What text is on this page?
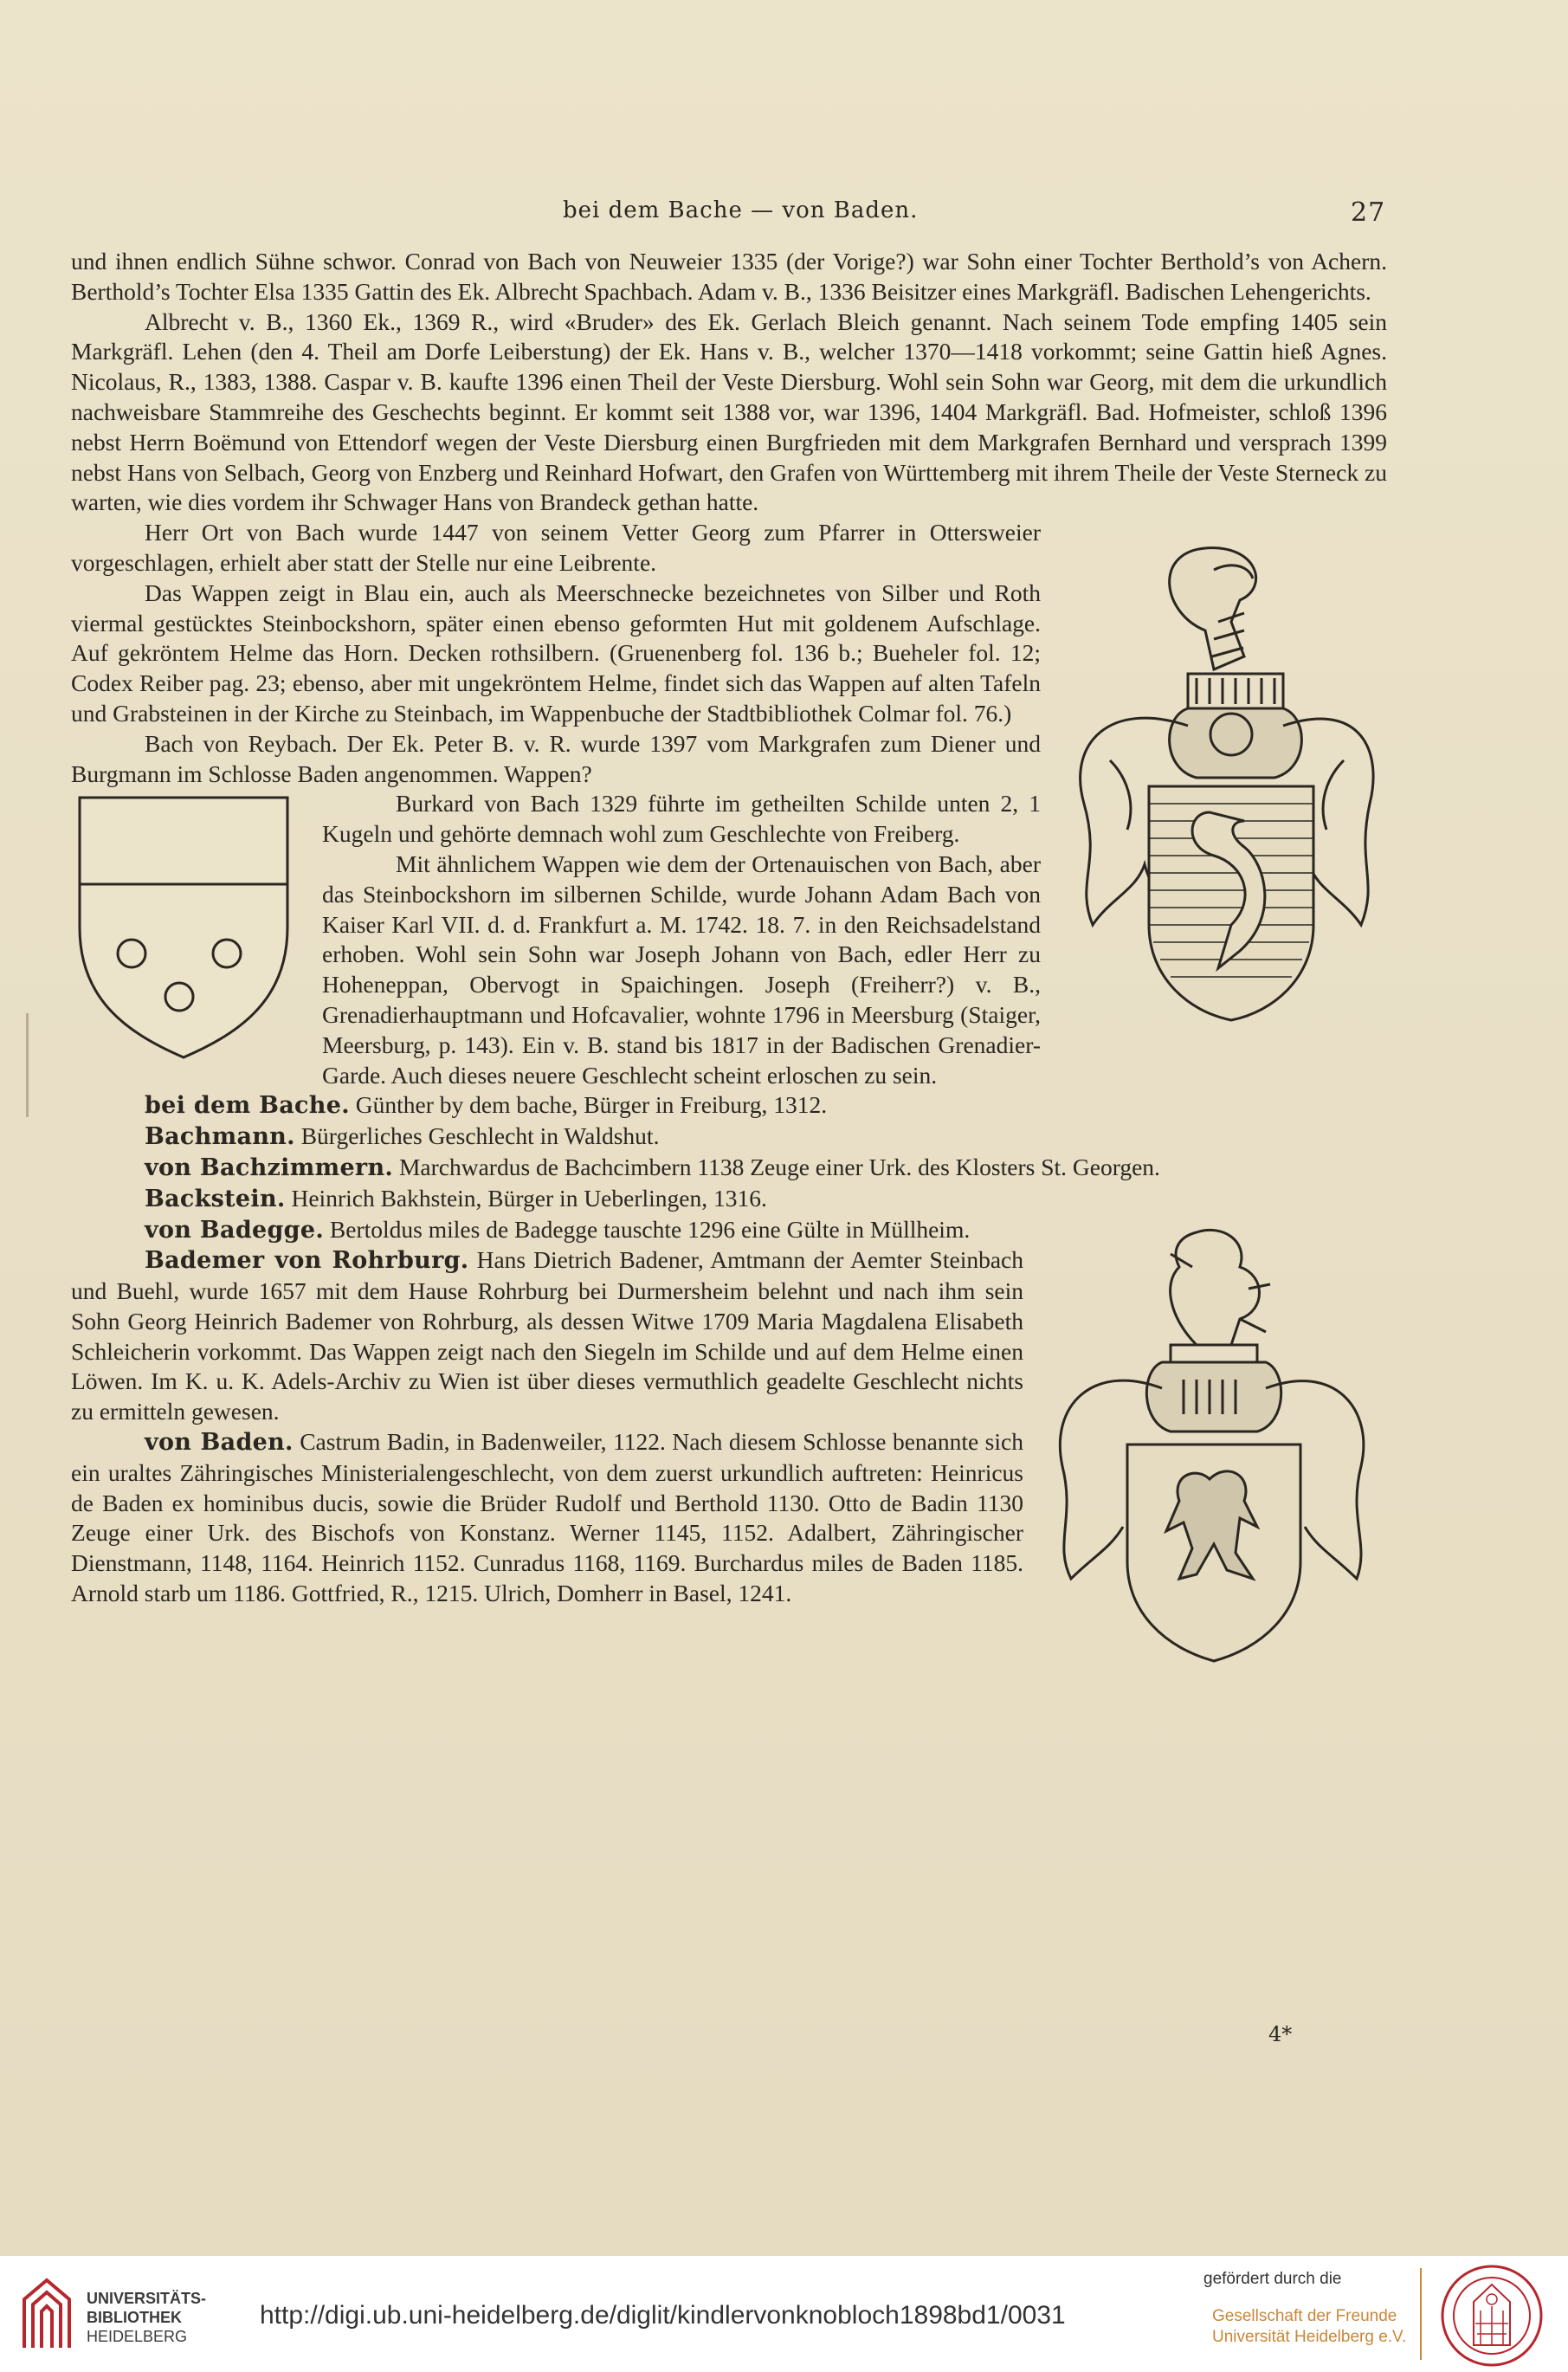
bei dem Bache — von Baden.	27

und ihnen endlich Sühne schwor. Conrad von Bach von Neuweier 1335 (der Vorige?) war Sohn einer Tochter Berthold’s von Achern. Berthold’s Tochter Elsa 1335 Gattin des Ek. Albrecht Spachbach. Adam v. B., 1336 Beisitzer eines Markgräfl. Badischen Lehengerichts.

Albrecht v. B., 1360 Ek., 1369 R., wird «Bruder» des Ek. Gerlach Bleich genannt. Nach seinem Tode empfing 1405 sein Markgräfl. Lehen (den 4. Theil am Dorfe Leiberstung) der Ek. Hans v. B., welcher 1370—1418 vorkommt; seine Gattin hieß Agnes. Nicolaus, R., 1383, 1388. Caspar v. B. kaufte 1396 einen Theil der Veste Diersburg. Wohl sein Sohn war Georg, mit dem die urkundlich nachweisbare Stammreihe des Geschechts beginnt. Er kommt seit 1388 vor, war 1396, 1404 Markgräfl. Bad. Hofmeister, schloß 1396 nebst Herrn Boëmund von Ettendorf wegen der Veste Diersburg einen Burgfrieden mit dem Markgrafen Bernhard und versprach 1399 nebst Hans von Selbach, Georg von Enzberg und Reinhard Hofwart, den Grafen von Württemberg mit ihrem Theile der Veste Sterneck zu warten, wie dies vordem ihr Schwager Hans von Brandeck gethan hatte.

Herr Ort von Bach wurde 1447 von seinem Vetter Georg zum Pfarrer in Ottersweier vorgeschlagen, erhielt aber statt der Stelle nur eine Leibrente.

Das Wappen zeigt in Blau ein, auch als Meerschnecke bezeichnetes von Silber und Roth viermal gestücktes Steinbockshorn, später einen ebenso geformten Hut mit goldenem Aufschlage. Auf gekröntem Helme das Horn. Decken rothsilbern. (Gruenenberg fol. 136 b.; Bueheler fol. 12; Codex Reiber pag. 23; ebenso, aber mit ungekröntem Helme, findet sich das Wappen auf alten Tafeln und Grabsteinen in der Kirche zu Steinbach, im Wappenbuche der Stadtbibliothek Colmar fol. 76.)

Bach von Reybach. Der Ek. Peter B. v. R. wurde 1397 vom Markgrafen zum Diener und Burgmann im Schlosse Baden angenommen. Wappen?

Burkard von Bach 1329 führte im getheilten Schilde unten 2, 1 Kugeln und gehörte demnach wohl zum Geschlechte von Freiberg.

Mit ähnlichem Wappen wie dem der Ortenauischen von Bach, aber das Steinbockshorn im silbernen Schilde, wurde Johann Adam Bach von Kaiser Karl VII. d. d. Frankfurt a. M. 1742. 18. 7. in den Reichsadelstand erhoben. Wohl sein Sohn war Joseph Johann von Bach, edler Herr zu Hoheneppan, Obervogt in Spaichingen. Joseph (Freiherr?) v. B., Grenadierhauptmann und Hofcavalier, wohnte 1796 in Meersburg (Staiger, Meersburg, p. 143). Ein v. B. stand bis 1817 in der Badischen Grenadier-Garde. Auch dieses neuere Geschlecht scheint erloschen zu sein.

bei dem Bache. Günther by dem bache, Bürger in Freiburg, 1312.

Bachmann. Bürgerliches Geschlecht in Waldshut.

von Bachzimmern. Marchwardus de Bachcimbern 1138 Zeuge einer Urk. des Klosters St. Georgen.

Backstein. Heinrich Bakhstein, Bürger in Ueberlingen, 1316.

von Badegge. Bertoldus miles de Badegge tauschte 1296 eine Gülte in Müllheim.

Bademer von Rohrburg. Hans Dietrich Badener, Amtmann der Aemter Steinbach und Buehl, wurde 1657 mit dem Hause Rohrburg bei Durmersheim belehnt und nach ihm sein Sohn Georg Heinrich Bademer von Rohrburg, als dessen Witwe 1709 Maria Magdalena Elisabeth Schleicherin vorkommt. Das Wappen zeigt nach den Siegeln im Schilde und auf dem Helme einen Löwen. Im K. u. K. Adels-Archiv zu Wien ist über dieses vermuthlich geadelte Geschlecht nichts zu ermitteln gewesen.

von Baden. Castrum Badin, in Badenweiler, 1122. Nach diesem Schlosse benannte sich ein uraltes Zähringisches Ministerialengeschlecht, von dem zuerst urkundlich auftreten: Heinricus de Baden ex hominibus ducis, sowie die Brüder Rudolf und Berthold 1130. Otto de Badin 1130 Zeuge einer Urk. des Bischofs von Konstanz. Werner 1145, 1152. Adalbert, Zähringischer Dienstmann, 1148, 1164. Heinrich 1152. Cunradus 1168, 1169. Burchardus miles de Baden 1185. Arnold starb um 1186. Gottfried, R., 1215. Ulrich, Domherr in Basel, 1241.

4*
UNIVERSITÄTS-
BIBLIOTHEK
HEIDELBERG
http://digi.ub.uni-heidelberg.de/diglit/kindlervonknobloch1898bd1/0031
gefördert durch die
Gesellschaft der Freunde
Universität Heidelberg e.V.
